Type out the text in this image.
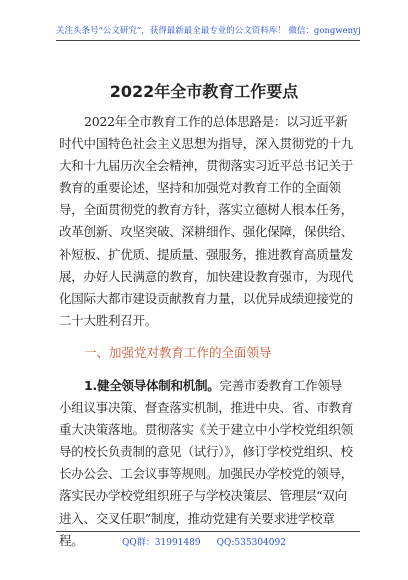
关注头条号“公文研究”，获得最新最全最专业的公文资料库！ 微信：gongwenyj
2022年全市教育工作要点
2022年全市教育工作的总体思路是：以习近平新时代中国特色社会主义思想为指导，深入贯彻党的十九大和十九届历次全会精神，贯彻落实习近平总书记关于教育的重要论述，坚持和加强党对教育工作的全面领导，全面贯彻党的教育方针，落实立德树人根本任务，改革创新、攻坚突破、深耕细作、强化保障，保供给、补短板、扩优质、提质量、强服务，推进教育高质量发展，办好人民满意的教育，加快建设教育强市，为现代化国际大都市建设贡献教育力量，以优异成绩迎接党的二十大胜利召开。
一、加强党对教育工作的全面领导
1.健全领导体制和机制。完善市委教育工作领导小组议事决策、督查落实机制，推进中央、省、市教育重大决策落地。贯彻落实《关于建立中小学校党组织领导的校长负责制的意见（试行）》，修订学校党组织、校长办公会、工会议事等规则。加强民办学校党的领导，落实民办学校党组织班子与学校决策层、管理层“双向进入、交叉任职”制度，推动党建有关要求进学校章程。	QQ群：31991489 QQ:535304092
